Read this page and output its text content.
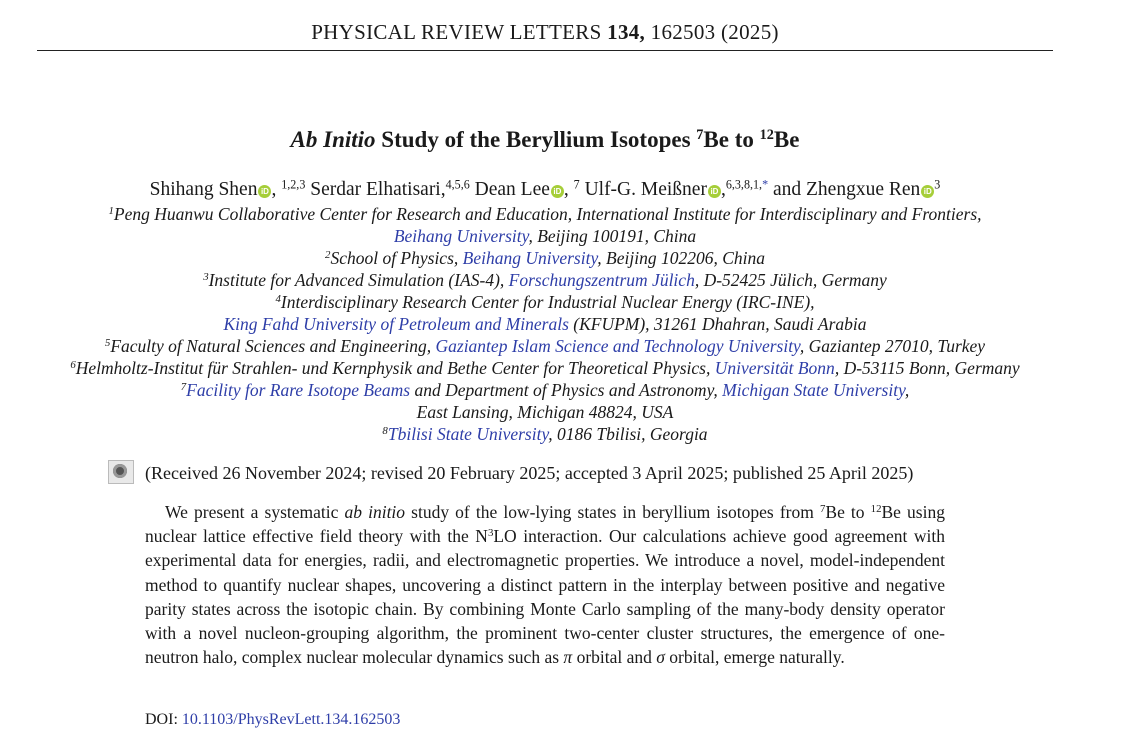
PHYSICAL REVIEW LETTERS 134, 162503 (2025)
Ab Initio Study of the Beryllium Isotopes $^7$Be to $^{12}$Be
Shihang Shen iD , $^{1,2,3}$ Serdar Elhatisari,$^{4,5,6}$ Dean Lee iD , $^7$ Ulf-G. Meißner iD ,$^{6,3,8,1,*}$ and Zhengxue Ren $iD^3$
$^1$Peng Huanwu Collaborative Center for Research and Education, International Institute for Interdisciplinary and Frontiers,
Beihang University, Beijing 100191, China
$^2$School of Physics, Beihang University, Beijing 102206, China
$^3$Institute for Advanced Simulation (IAS-4), Forschungszentrum Jülich, D-52425 Jülich, Germany
$^4$Interdisciplinary Research Center for Industrial Nuclear Energy (IRC-INE),
King Fahd University of Petroleum and Minerals (KFUPM), 31261 Dhahran, Saudi Arabia
$^5$Faculty of Natural Sciences and Engineering, Gaziantep Islam Science and Technology University, Gaziantep 27010, Turkey
$^6$Helmholtz-Institut für Strahlen- und Kernphysik and Bethe Center for Theoretical Physics, Universität Bonn, D-53115 Bonn, Germany
$^7$Facility for Rare Isotope Beams and Department of Physics and Astronomy, Michigan State University,
East Lansing, Michigan 48824, USA
$^8$Tbilisi State University, 0186 Tbilisi, Georgia
(Received 26 November 2024; revised 20 February 2025; accepted 3 April 2025; published 25 April 2025)
We present a systematic ab initio study of the low-lying states in beryllium isotopes from $^7$Be to $^{12}$Be using nuclear lattice effective field theory with the $N^3LO$ interaction. Our calculations achieve good agreement with experimental data for energies, radii, and electromagnetic properties. We introduce a novel, model-independent method to quantify nuclear shapes, uncovering a distinct pattern in the interplay between positive and negative parity states across the isotopic chain. By combining Monte Carlo sampling of the many-body density operator with a novel nucleon-grouping algorithm, the prominent two-center cluster structures, the emergence of one-neutron halo, complex nuclear molecular dynamics such as π orbital and σ orbital, emerge naturally.
DOI: 10.1103/PhysRevLett.134.162503
